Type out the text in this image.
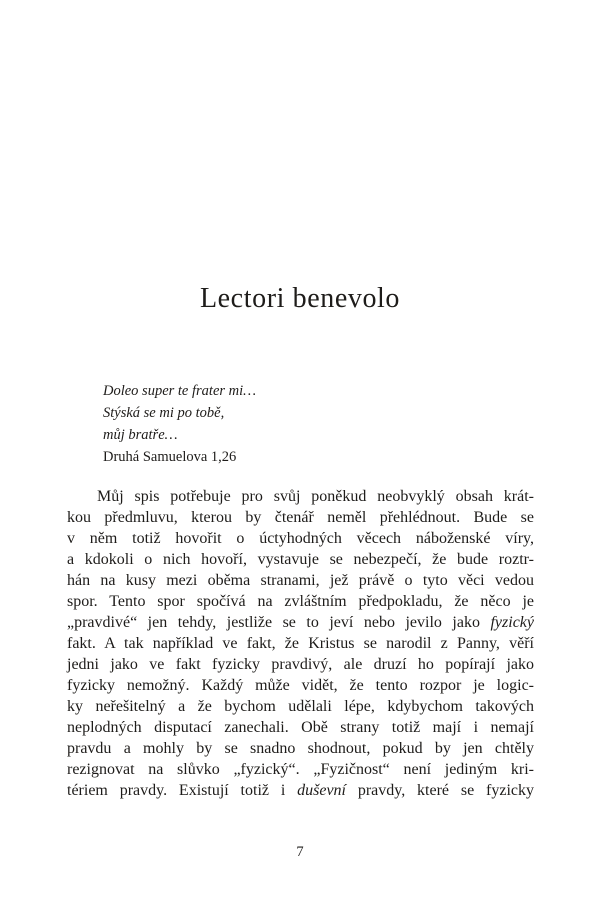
Lectori benevolo
Doleo super te frater mi…
Stýská se mi po tobě,
můj bratře…
Druhá Samuelova 1,26
Můj spis potřebuje pro svůj poněkud neobvyklý obsah krát-
kou předmluvu, kterou by čtenář neměl přehlédnout. Bude se
v něm totiž hovořit o úctyhodných věcech náboženské víry,
a kdokoli o nich hovoří, vystavuje se nebezpečí, že bude roztr-
hán na kusy mezi oběma stranami, jež právě o tyto věci vedou
spor. Tento spor spočívá na zvláštním předpokladu, že něco je
„pravdivé“ jen tehdy, jestliže se to jeví nebo jevilo jako fyzický
fakt. A tak například ve fakt, že Kristus se narodil z Panny, věří
jedni jako ve fakt fyzicky pravdivý, ale druzí ho popírají jako
fyzicky nemožný. Každý může vidět, že tento rozpor je logic-
ky neřešitelný a že bychom udělali lépe, kdybychom takových
neplodných disputací zanechali. Obě strany totiž mají i nemají
pravdu a mohly by se snadno shodnout, pokud by jen chtěly
rezignovat na slůvko „fyzický“. „Fyzičnost“ není jediným kri-
tériem pravdy. Existují totiž i duševní pravdy, které se fyzicky
7
